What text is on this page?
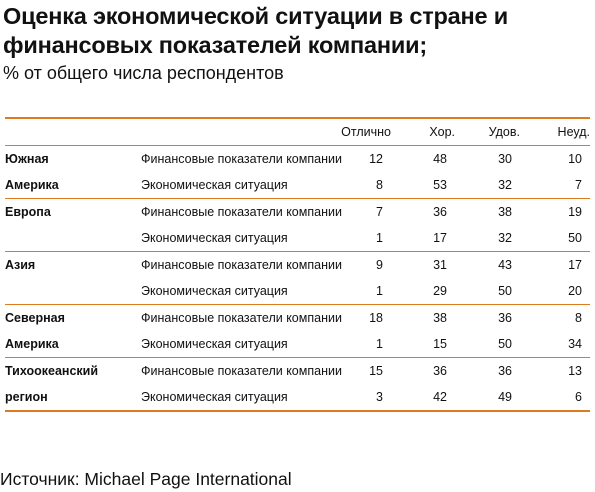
Оценка экономической ситуации в стране и финансовых показателей компании;
% от общего числа респондентов
		Отлично	Хор.	Удов.	Неуд.
Южная	Финансовые показатели компании	12	48	30	10
Америка	Экономическая ситуация	8	53	32	7
Европа	Финансовые показатели компании	7	36	38	19
	Экономическая ситуация	1	17	32	50
Азия	Финансовые показатели компании	9	31	43	17
	Экономическая ситуация	1	29	50	20
Северная	Финансовые показатели компании	18	38	36	8
Америка	Экономическая ситуация	1	15	50	34
Тихоокеанский	Финансовые показатели компании	15	36	36	13
регион	Экономическая ситуация	3	42	49	6
Источник: Michael Page International
